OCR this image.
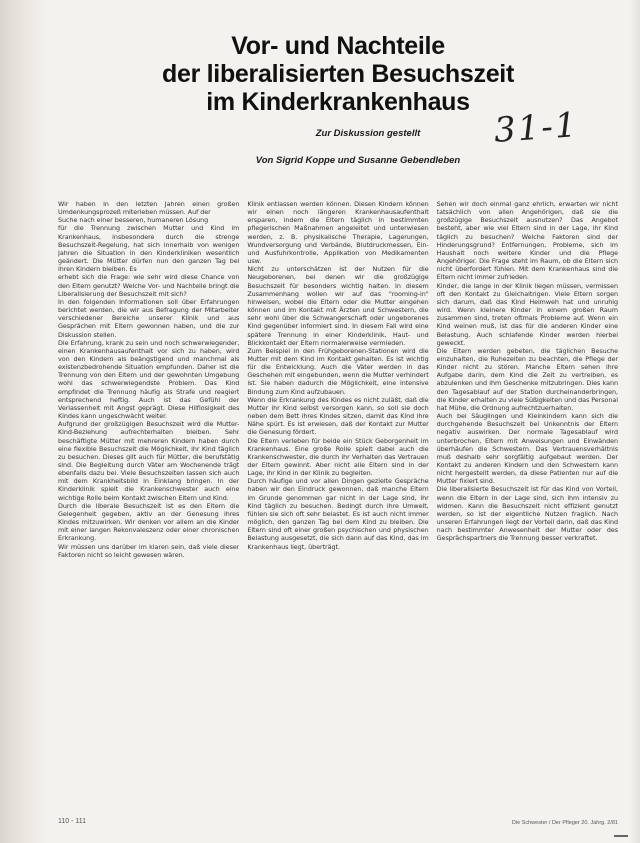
Vor- und Nachteile
der liberalisierten Besuchszeit
im Kinderkrankenhaus
Zur Diskussion gestellt
Von Sigrid Koppe und Susanne Gebendleben
31-1

Wir haben in den letzten Jahren einen großen Umdenkungsprozeß miterleben müssen. Auf der

Suche nach einer besseren, humaneren Lösung

für die Trennung zwischen Mutter und Kind im Krankenhaus, insbesondere durch die strenge Besuchszeit-Regelung, hat sich innerhalb von wenigen Jahren die Situation in den Kinderkliniken wesentlich geändert. Die Mütter dürfen nun den ganzen Tag bei ihren Kindern bleiben. Es

erhebt sich die Frage: wie sehr wird diese Chance von den Eltern genutzt? Welche Vor- und Nachteile bringt die Liberalisierung der Besuchszeit mit sich?

In den folgenden Informationen soll über Erfahrungen berichtet werden, die wir aus Befragung der Mitarbeiter verschiedener Bereiche unserer Klinik und aus Gesprächen mit Eltern gewonnen haben, und die zur Diskussion stellen.

Die Erfahrung, krank zu sein und noch schwerwiegender, einen Krankenhausaufenthalt vor sich zu haben, wird von den Kindern als beängstigend und manchmal als existenzbedrohende Situation empfunden. Daher ist die Trennung von den Eltern und der gewohnten Umgebung wohl das schwerwiegendste Problem. Das Kind empfindet die Trennung häufig als Strafe und reagiert entsprechend heftig. Auch ist das Gefühl der Verlassenheit mit Angst geprägt. Diese Hilflosigkeit des Kindes kann ungeschwächt weiter.

Aufgrund der großzügigen Besuchszeit wird die Mutter-Kind-Beziehung aufrechterhalten bleiben. Sehr beschäftigte Mütter mit mehreren Kindern haben durch eine flexible Besuchszeit die Möglichkeit, ihr Kind täglich zu besuchen. Dieses gilt auch für Mütter, die berufstätig sind. Die Begleitung durch Väter am Wochenende trägt ebenfalls dazu bei. Viele Besuchszeiten lassen sich auch mit dem Krankheitsbild in Einklang bringen. In der Kinderklinik spielt die Krankenschwester auch eine wichtige Rolle beim Kontakt zwischen Eltern und Kind.

Durch die liberale Besuchszeit ist es den Eltern die Gelegenheit gegeben, aktiv an der Genesung ihres Kindes mitzuwirken. Wir denken vor allem an die Kinder mit einer langen Rekonvaleszenz oder einer chronischen Erkrankung.

Wir müssen uns darüber im klaren sein, daß viele dieser Faktoren nicht so leicht gewesen wären.

Klinik entlassen werden können. Diesen Kindern können wir einen noch längeren Krankenhausaufenthalt ersparen, indem die Eltern täglich in bestimmten pflegerischen Maßnahmen angeleitet und unterwiesen werden, z. B. physikalische Therapie, Lagerungen, Wundversorgung und Verbände, Blutdruckmessen, Ein- und Ausfuhrkontrolle, Applikation von Medikamenten usw.

Nicht zu unterschätzen ist der Nutzen für die Neugeborenen, bei denen wir die großzügige Besuchszeit für besonders wichtig halten. In diesem Zusammenhang wollen wir auf das "rooming-in" hinweisen, wobei die Eltern oder die Mutter eingehen können und im Kontakt mit Ärzten und Schwestern, die sehr wohl über die Schwangerschaft oder ungeborenes Kind gegenüber informiert sind. In diesem Fall wird eine spätere Trennung in einer Kinderklinik, Haut- und Blickkontakt der Eltern normalerweise vermieden.

Zum Beispiel in den Frühgeborenen-Stationen wird die Mutter mit dem Kind im Kontakt gehalten. Es ist wichtig für die Entwicklung. Auch die Väter werden in das Geschehen mit eingebunden, wenn die Mutter verhindert ist. Sie haben dadurch die Möglichkeit, eine intensive Bindung zum Kind aufzubauen.

Wenn die Erkrankung des Kindes es nicht zuläßt, daß die Mutter ihr Kind selbst versorgen kann, so soll sie doch neben dem Bett ihres Kindes sitzen, damit das Kind ihre Nähe spürt. Es ist erwiesen, daß der Kontakt zur Mutter die Genesung fördert.

Die Eltern verleben für beide ein Stück Geborgenheit im Krankenhaus. Eine große Rolle spielt dabei auch die Krankenschwester, die durch ihr Verhalten das Vertrauen der Eltern gewinnt. Aber nicht alle Eltern sind in der Lage, ihr Kind in der Klinik zu begleiten.

Durch häufige und vor allen Dingen gezielte Gespräche haben wir den Eindruck gewonnen, daß manche Eltern im Grunde genommen gar nicht in der Lage sind, ihr Kind täglich zu besuchen. Bedingt durch ihre Umwelt, fühlen sie sich oft sehr belastet. Es ist auch nicht immer möglich, den ganzen Tag bei dem Kind zu bleiben. Die Eltern sind oft einer großen psychischen und physischen Belastung ausgesetzt, die sich dann auf das Kind, das im Krankenhaus liegt, überträgt.

Sehen wir doch einmal ganz ehrlich, erwarten wir nicht tatsächlich von allen Angehörigen, daß sie die großzügige Besuchszeit ausnutzen? Das Angebot besteht, aber wie viel Eltern sind in der Lage, ihr Kind täglich zu besuchen? Welche Faktoren sind der Hinderungsgrund? Entfernungen, Probleme, sich im Haushalt noch weitere Kinder und die Pflege Angehöriger. Die Frage steht im Raum, ob die Eltern sich nicht überfordert fühlen. Mit dem Krankenhaus sind die Eltern nicht immer zufrieden.

Kinder, die lange in der Klinik liegen müssen, vermissen oft den Kontakt zu Gleichaltrigen. Viele Eltern sorgen sich darum, daß das Kind Heimweh hat und unruhig wird. Wenn kleinere Kinder in einem großen Raum zusammen sind, treten oftmals Probleme auf. Wenn ein Kind weinen muß, ist das für die anderen Kinder eine Belastung. Auch schlafende Kinder werden hierbei geweckt.

Die Eltern werden gebeten, die täglichen Besuche einzuhalten, die Ruhezeiten zu beachten, die Pflege der Kinder nicht zu stören. Manche Eltern sehen ihre Aufgabe darin, dem Kind die Zeit zu vertreiben, es abzulenken und ihm Geschenke mitzubringen. Dies kann den Tagesablauf auf der Station durcheinanderbringen, die Kinder erhalten zu viele Süßigkeiten und das Personal hat Mühe, die Ordnung aufrechtzuerhalten.

Auch bei Säuglingen und Kleinkindern kann sich die durchgehende Besuchszeit bei Unkenntnis der Eltern negativ auswirken. Der normale Tagesablauf wird unterbrochen, Eltern mit Anweisungen und Einwänden überhäufen die Schwestern. Das Vertrauensverhältnis muß deshalb sehr sorgfältig aufgebaut werden. Der Kontakt zu anderen Kindern und den Schwestern kann nicht hergestellt werden, da diese Patienten nur auf die Mutter fixiert sind.

Die liberalisierte Besuchszeit ist für das Kind von Vorteil, wenn die Eltern in der Lage sind, sich ihm intensiv zu widmen. Kann die Besuchszeit nicht effizient genutzt werden, so ist der eigentliche Nutzen fraglich. Nach unseren Erfahrungen liegt der Vorteil darin, daß das Kind nach bestimmter Anwesenheit der Mutter oder des Gesprächspartners die Trennung besser verkraftet.

110 - 111	Die Schwester / Der Pfleger 20. Jahrg. 2/81
